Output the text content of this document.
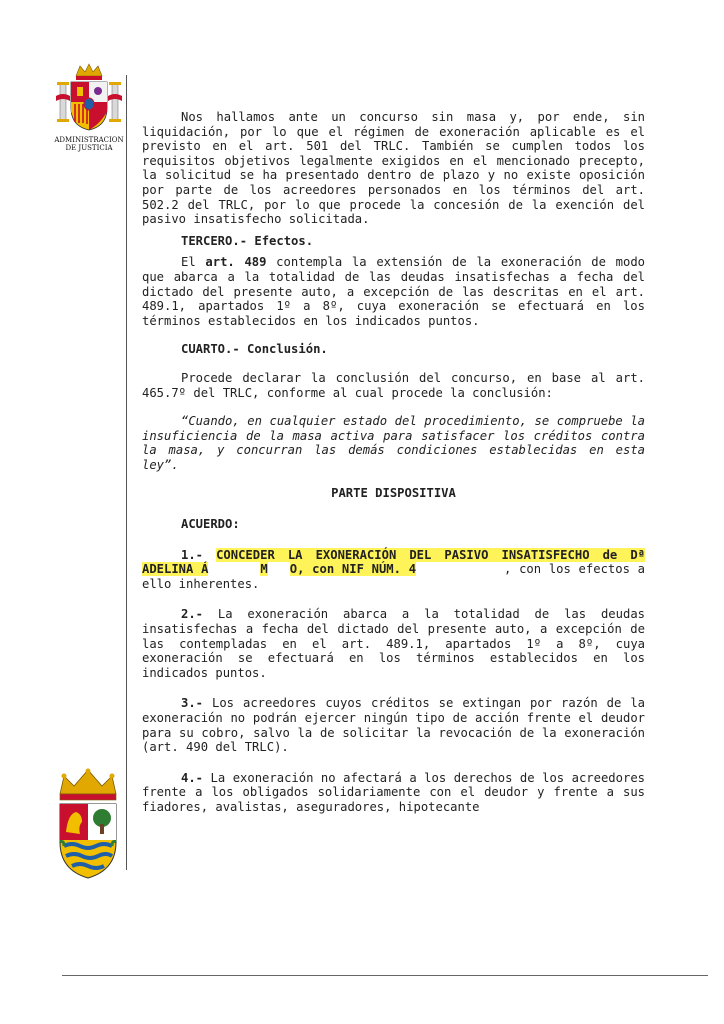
ADMINISTRACION
DE JUSTICIA

Nos hallamos ante un concurso sin masa y, por ende, sin liquidación, por lo que el régimen de exoneración aplicable es el previsto en el art. 501 del TRLC. También se cumplen todos los requisitos objetivos legalmente exigidos en el mencionado precepto, la solicitud se ha presentado dentro de plazo y no existe oposición por parte de los acreedores personados en los términos del art. 502.2 del TRLC, por lo que procede la concesión de la exención del pasivo insatisfecho solicitada.

TERCERO.- Efectos.

El art. 489 contempla la extensión de la exoneración de modo que abarca a la totalidad de las deudas insatisfechas a fecha del dictado del presente auto, a excepción de las descritas en el art. 489.1, apartados 1º a 8º, cuya exoneración se efectuará en los términos establecidos en los indicados puntos.

CUARTO.- Conclusión.

Procede declarar la conclusión del concurso, en base al art. 465.7º del TRLC, conforme al cual procede la conclusión:

“Cuando, en cualquier estado del procedimiento, se compruebe la insuficiencia de la masa activa para satisfacer los créditos contra la masa, y concurran las demás condiciones establecidas en esta ley”.

PARTE DISPOSITIVA

ACUERDO:

1.- CONCEDER LA EXONERACIÓN DEL PASIVO INSATISFECHO de Dª ADELINA Á	M O, con NIF NÚM. 4	, con los efectos a ello inherentes.

2.- La exoneración abarca a la totalidad de las deudas insatisfechas a fecha del dictado del presente auto, a excepción de las contempladas en el art. 489.1, apartados 1º a 8º, cuya exoneración se efectuará en los términos establecidos en los indicados puntos.

3.- Los acreedores cuyos créditos se extingan por razón de la exoneración no podrán ejercer ningún tipo de acción frente el deudor para su cobro, salvo la de solicitar la revocación de la exoneración (art. 490 del TRLC).

4.- La exoneración no afectará a los derechos de los acreedores frente a los obligados solidariamente con el deudor y frente a sus fiadores, avalistas, aseguradores, hipotecante
